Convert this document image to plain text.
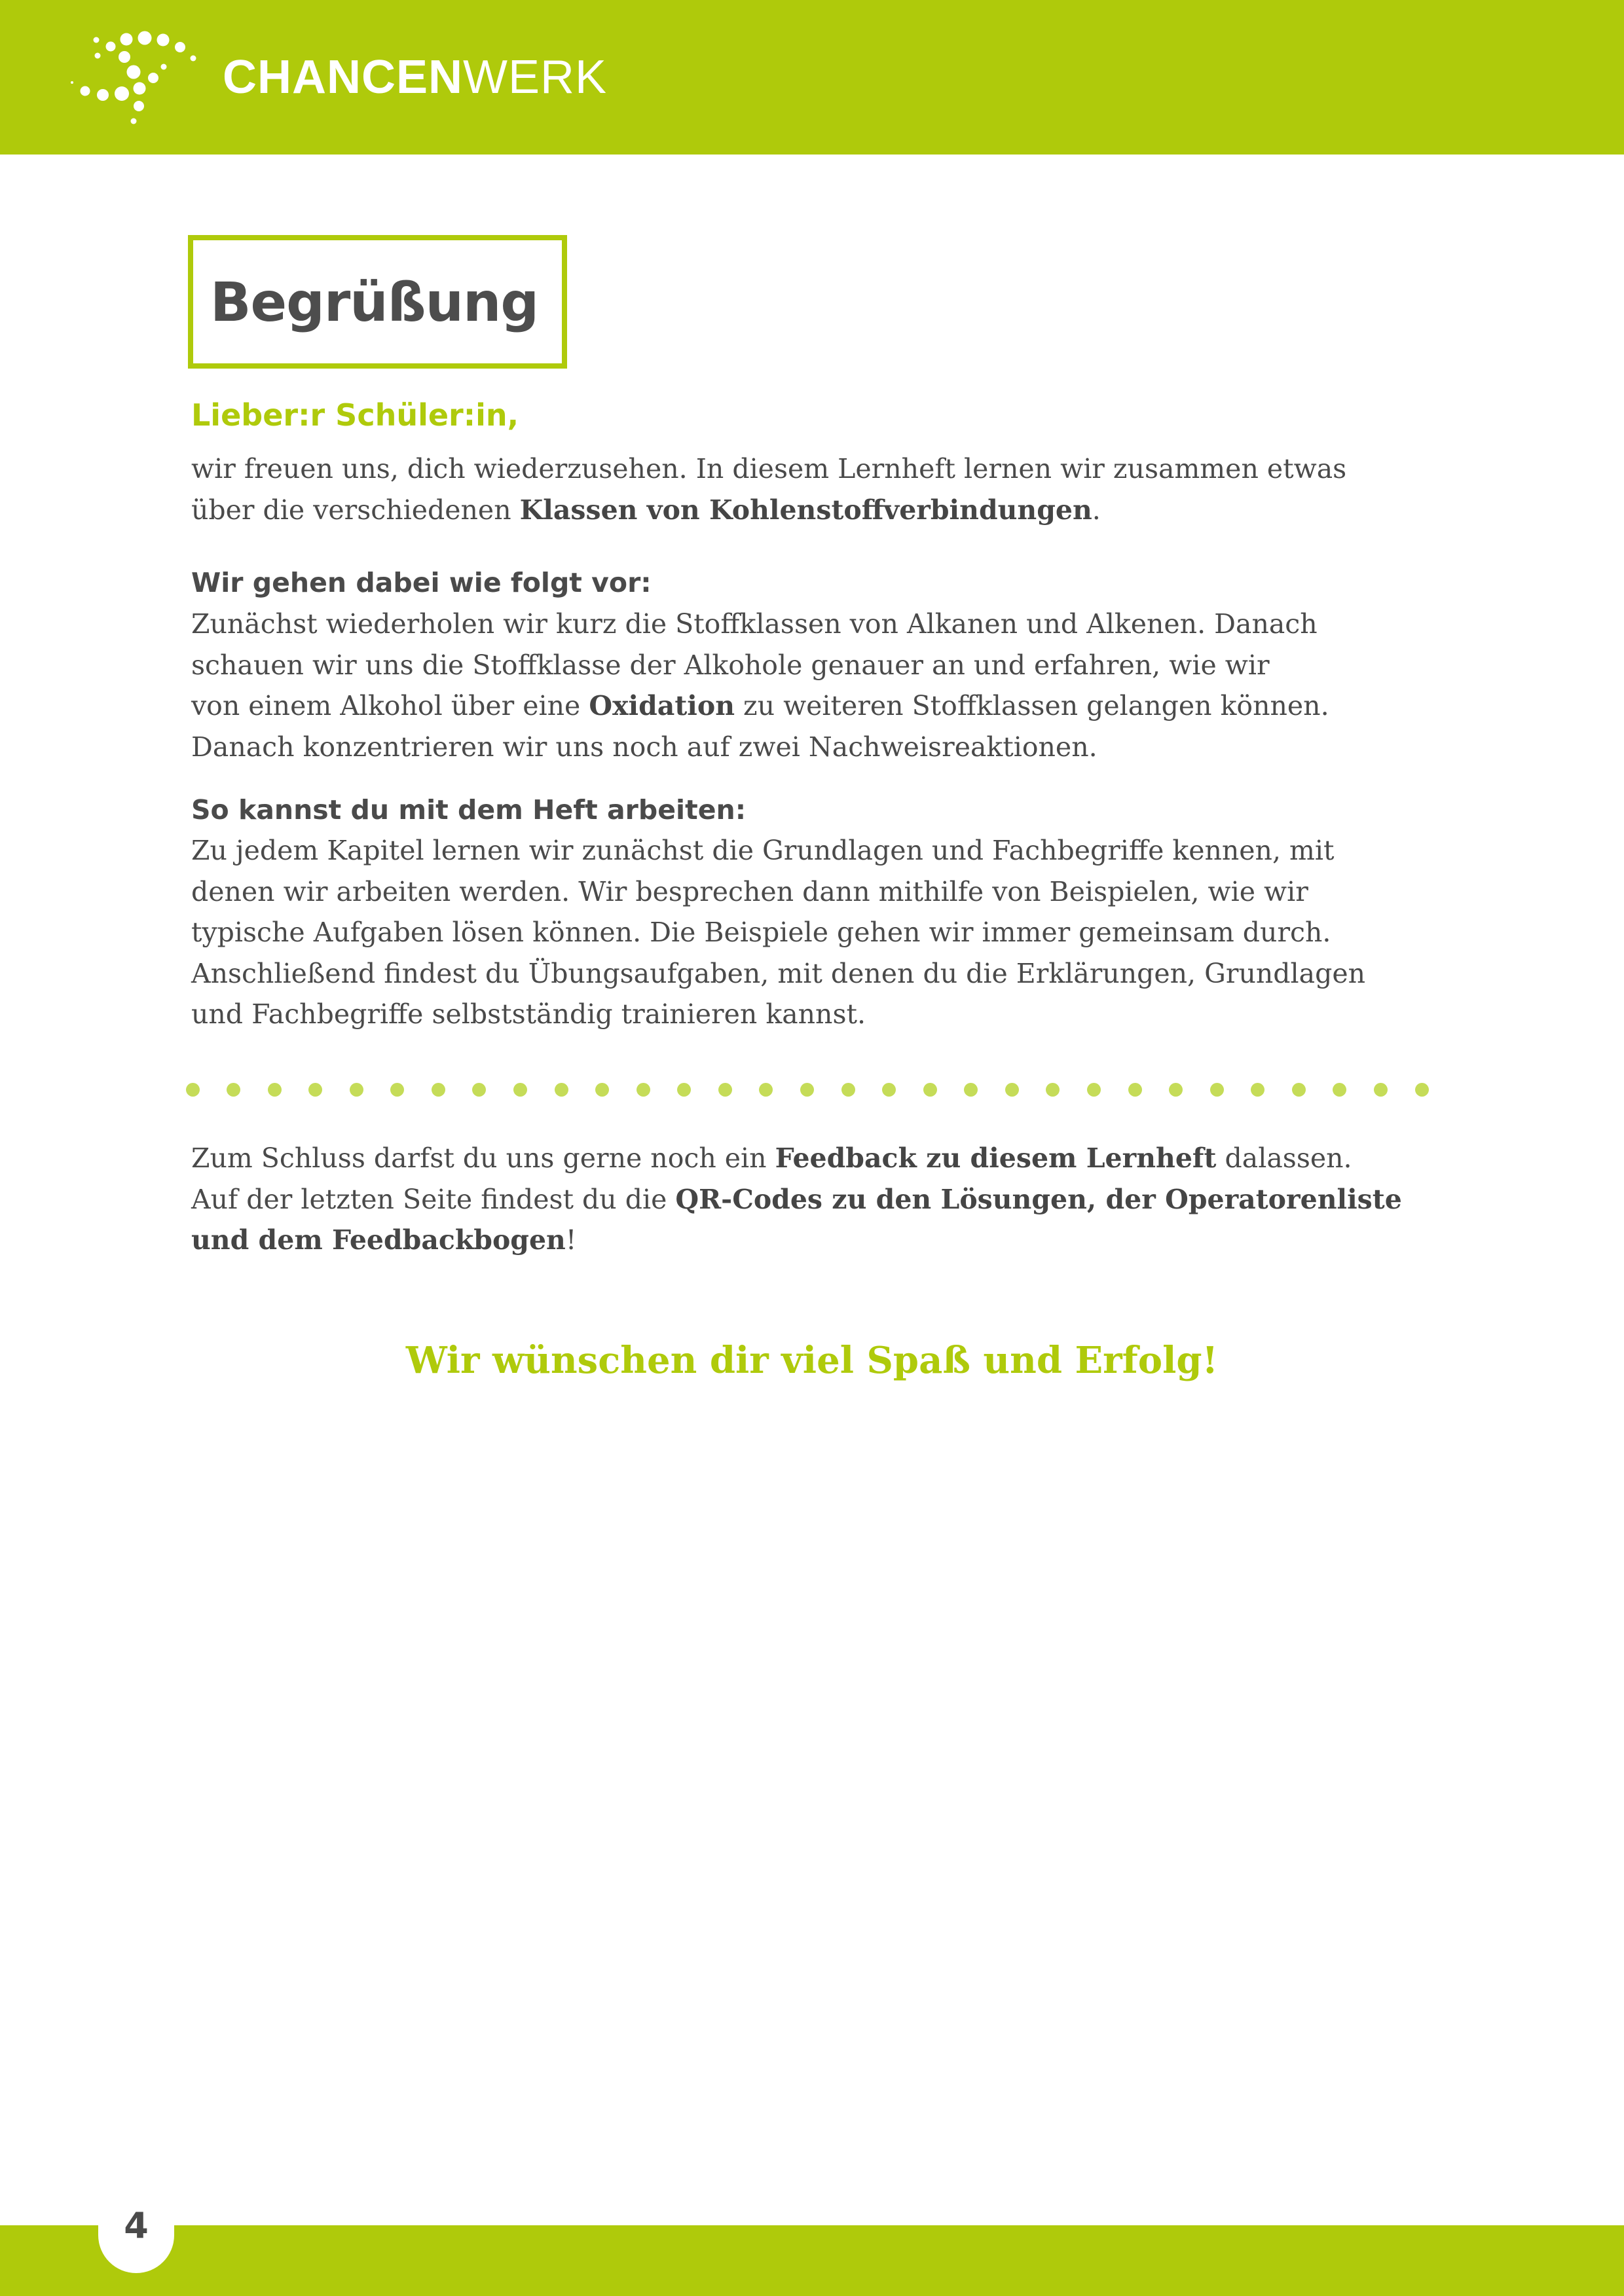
CHANCENWERK
Begrüßung
Lieber:r Schüler:in,
wir freuen uns, dich wiederzusehen. In diesem Lernheft lernen wir zusammen etwas
über die verschiedenen Klassen von Kohlenstoffverbindungen.
Wir gehen dabei wie folgt vor:
Zunächst wiederholen wir kurz die Stoffklassen von Alkanen und Alkenen. Danach
schauen wir uns die Stoffklasse der Alkohole genauer an und erfahren, wie wir
von einem Alkohol über eine Oxidation zu weiteren Stoffklassen gelangen können.
Danach konzentrieren wir uns noch auf zwei Nachweisreaktionen.
So kannst du mit dem Heft arbeiten:
Zu jedem Kapitel lernen wir zunächst die Grundlagen und Fachbegriffe kennen, mit
denen wir arbeiten werden. Wir besprechen dann mithilfe von Beispielen, wie wir
typische Aufgaben lösen können. Die Beispiele gehen wir immer gemeinsam durch.
Anschließend findest du Übungsaufgaben, mit denen du die Erklärungen, Grundlagen
und Fachbegriffe selbstständig trainieren kannst.
Zum Schluss darfst du uns gerne noch ein Feedback zu diesem Lernheft dalassen.
Auf der letzten Seite findest du die QR-Codes zu den Lösungen, der Operatorenliste
und dem Feedbackbogen!
Wir wünschen dir viel Spaß und Erfolg!
4
